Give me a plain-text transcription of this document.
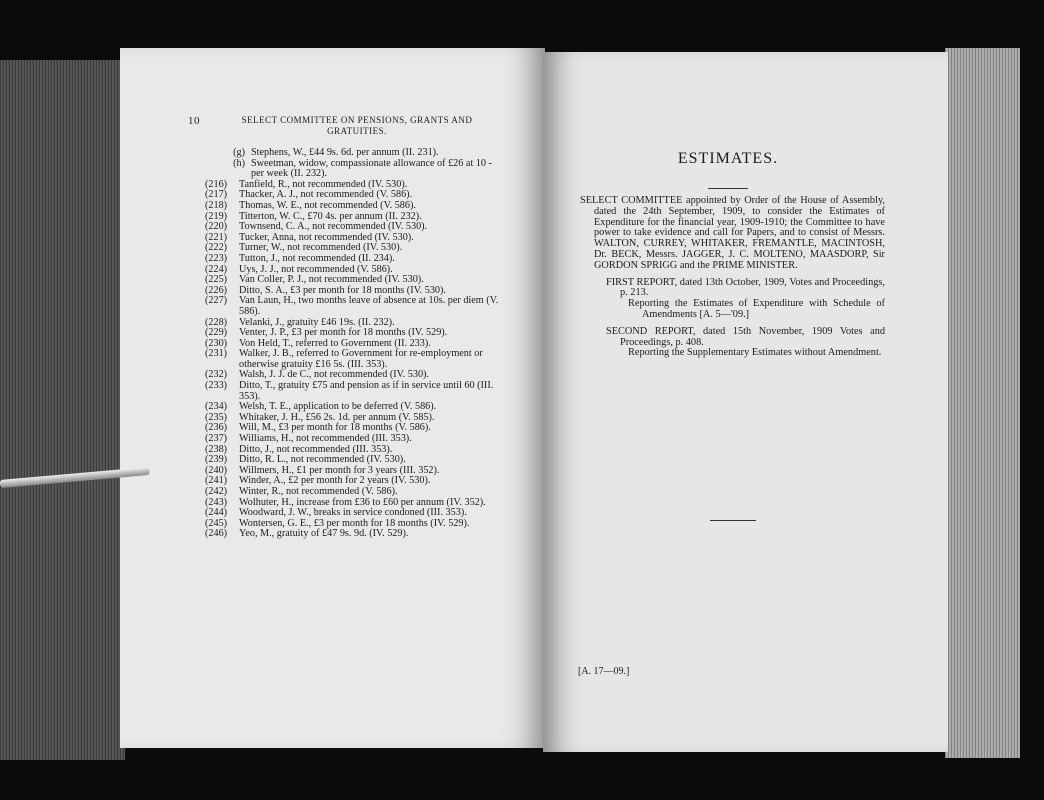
10	SELECT COMMITTEE ON PENSIONS, GRANTS AND
GRATUITIES.
(g) Stephens, W., £44 9s. 6d. per annum (II. 231).
(h) Sweetman, widow, compassionate allowance of £26 at 10 - per week (II. 232).
(216)	Tanfield, R., not recommended (IV. 530).
(217)	Thacker, A. J., not recommended (V. 586).
(218)	Thomas, W. E., not recommended (V. 586).
(219)	Titterton, W. C., £70 4s. per annum (II. 232).
(220)	Townsend, C. A., not recommended (IV. 530).
(221)	Tucker, Anna, not recommended (IV. 530).
(222)	Turner, W., not recommended (IV. 530).
(223)	Tutton, J., not recommended (II. 234).
(224)	Uys, J. J., not recommended (V. 586).
(225)	Van Coller, P. J., not recommended (IV. 530).
(226)	Ditto, S. A., £3 per month for 18 months (IV. 530).
(227)	Van Laun, H., two months leave of absence at 10s. per diem (V. 586).
(228)	Velanki, J., gratuity £46 19s. (II. 232).
(229)	Venter, J. P., £3 per month for 18 months (IV. 529).
(230)	Von Held, T., referred to Government (II. 233).
(231)	Walker, J. B., referred to Government for re-employment or otherwise gratuity £16 5s. (III. 353).
(232)	Walsh, J. J. de C., not recommended (IV. 530).
(233)	Ditto, T., gratuity £75 and pension as if in service until 60 (III. 353).
(234)	Welsh, T. E., application to be deferred (V. 586).
(235)	Whitaker, J. H., £56 2s. 1d. per annum (V. 585).
(236)	Will, M., £3 per month for 18 months (V. 586).
(237)	Williams, H., not recommended (III. 353).
(238)	Ditto, J., not recommended (III. 353).
(239)	Ditto, R. L., not recommended (IV. 530).
(240)	Willmers, H., £1 per month for 3 years (III. 352).
(241)	Winder, A., £2 per month for 2 years (IV. 530).
(242)	Winter, R., not recommended (V. 586).
(243)	Wolhuter, H., increase from £36 to £60 per annum (IV. 352).
(244)	Woodward, J. W., breaks in service condoned (III. 353).
(245)	Wontersen, G. E., £3 per month for 18 months (IV. 529).
(246)	Yeo, M., gratuity of £47 9s. 9d. (IV. 529).
ESTIMATES.

SELECT COMMITTEE appointed by Order of the House of Assembly, dated the 24th September, 1909, to consider the Estimates of Expenditure for the financial year, 1909-1910; the Committee to have power to take evidence and call for Papers, and to consist of Messrs. WALTON, CURREY, WHITAKER, FREMANTLE, MACINTOSH, Dr. BECK, Messrs. JAGGER, J. C. MOLTENO, MAASDORP, Sir GORDON SPRIGG and the PRIME MINISTER.

FIRST REPORT, dated 13th October, 1909, Votes and Proceedings, p. 213.

Reporting the Estimates of Expenditure with Schedule of Amendments [A. 5—'09.]

SECOND REPORT, dated 15th November, 1909 Votes and Proceedings, p. 408.

Reporting the Supplementary Estimates without Amendment.

[A. 17—09.]
